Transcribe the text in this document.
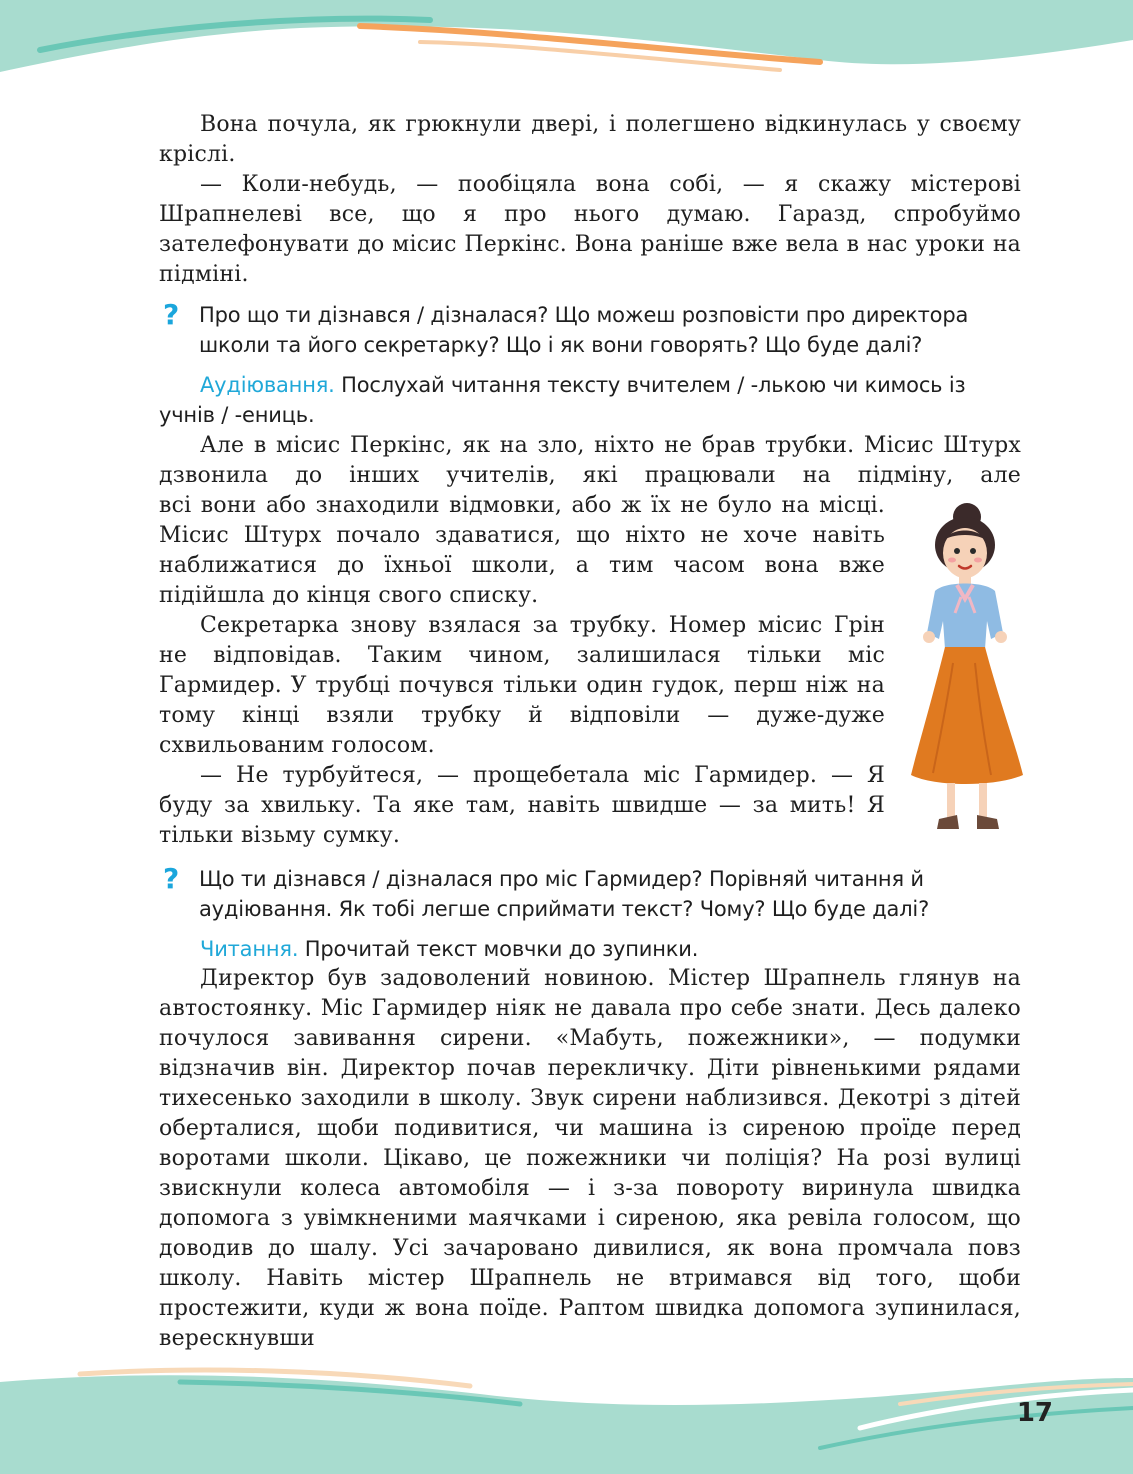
Вона почула, як грюкнули двері, і полегшено відкинулась у своєму кріслі.

— Коли-небудь, — пообіцяла вона собі, — я скажу містерові Шрапнелеві все, що я про нього думаю. Гаразд, спробуймо зателефонувати до місис Перкінс. Вона раніше вже вела в нас уроки на підміні.

? Про що ти дізнався / дізналася? Що можеш розповісти про директора школи та його секретарку? Що і як вони говорять? Що буде далі?

Аудіювання. Послухай читання тексту вчителем / -лькою чи кимось із учнів / -ениць.

Але в місис Перкінс, як на зло, ніхто не брав трубки. Місис Штурх дзвонила до інших учителів, які працювали на підміну, але

всі вони або знаходили відмовки, або ж їх не було на місці. Місис Штурх почало здаватися, що ніхто не хоче навіть наближатися до їхньої школи, а тим часом вона вже підійшла до кінця свого списку.

Секретарка знову взялася за трубку. Номер місис Грін не відповідав. Таким чином, залишилася тільки міс Гармидер. У трубці почувся тільки один гудок, перш ніж на тому кінці взяли трубку й відповіли — дуже-дуже схвильованим голосом.

— Не турбуйтеся, — прощебетала міс Гармидер. — Я буду за хвильку. Та яке там, навіть швидше — за мить! Я тільки візьму сумку.

? Що ти дізнався / дізналася про міс Гармидер? Порівняй читання й аудіювання. Як тобі легше сприймати текст? Чому? Що буде далі?

Читання. Прочитай текст мовчки до зупинки.

Директор був задоволений новиною. Містер Шрапнель глянув на автостоянку. Міс Гармидер ніяк не давала про себе знати. Десь далеко почулося завивання сирени. «Мабуть, пожежники», — подумки відзначив він. Директор почав перекличку. Діти рівненькими рядами тихесенько заходили в школу. Звук сирени наблизився. Декотрі з дітей оберталися, щоби подивитися, чи машина із сиреною проїде перед воротами школи. Цікаво, це пожежники чи поліція? На розі вулиці звискнули колеса автомобіля — і з-за повороту виринула швидка допомога з увімкненими маячками і сиреною, яка ревіла голосом, що доводив до шалу. Усі зачаровано дивилися, як вона промчала повз школу. Навіть містер Шрапнель не втримався від того, щоби простежити, куди ж вона поїде. Раптом швидка допомога зупинилася, верескнувши

17
